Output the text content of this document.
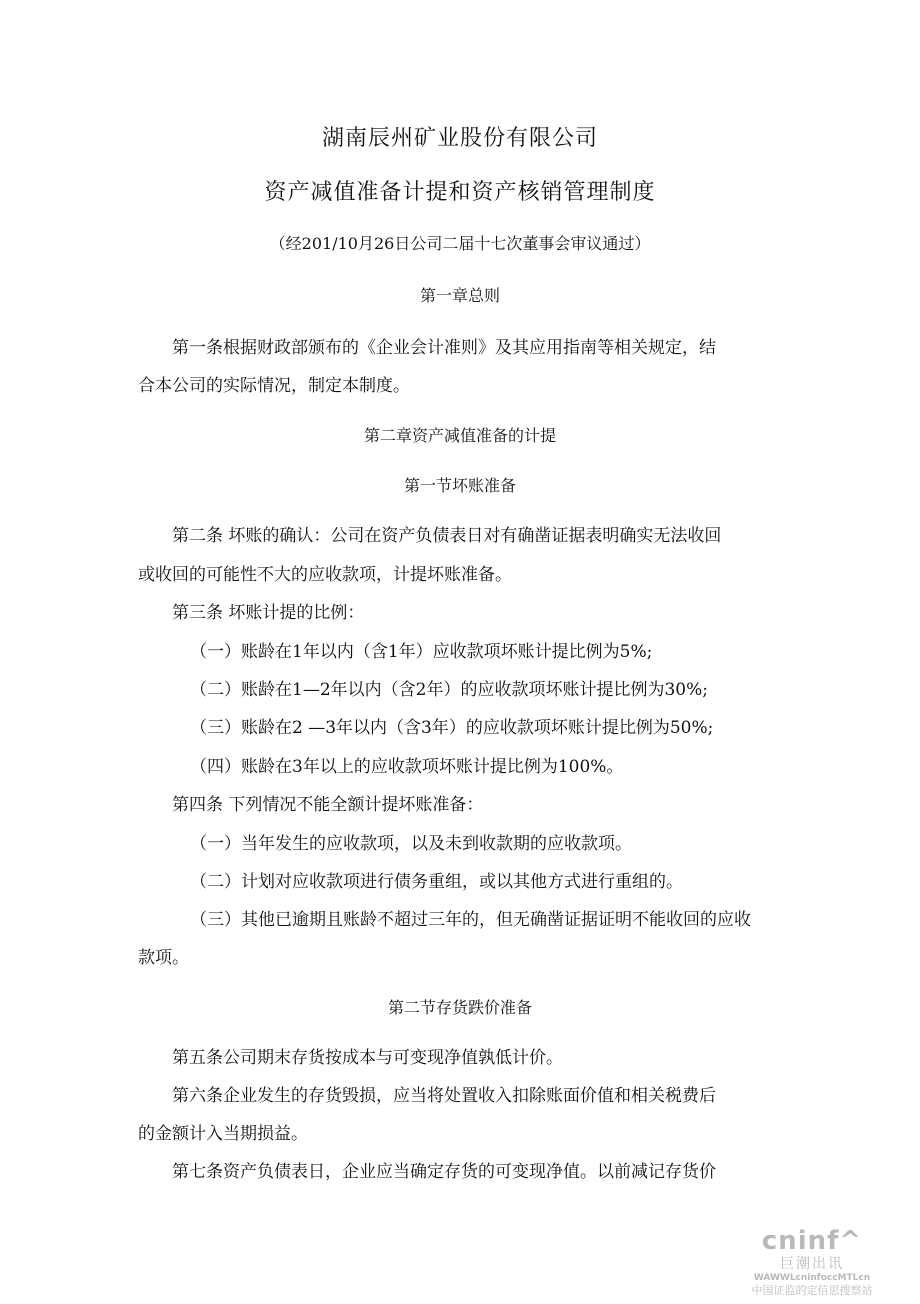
湖南辰州矿业股份有限公司
资产减值准备计提和资产核销管理制度
（经201/10月26日公司二届十七次董事会审议通过）
第一章总则
第一条根据财政部颁布的《企业会计准则》及其应用指南等相关规定，结
合本公司的实际情况，制定本制度。
第二章资产减值准备的计提
第一节坏账准备
第二条 坏账的确认：公司在资产负债表日对有确凿证据表明确实无法收回
或收回的可能性不大的应收款项，计提坏账准备。
第三条 坏账计提的比例：
（一）账龄在1年以内（含1年）应收款项坏账计提比例为5%;
（二）账龄在1—2年以内（含2年）的应收款项坏账计提比例为30%;
（三）账龄在2 —3年以内（含3年）的应收款项坏账计提比例为50%;
（四）账龄在3年以上的应收款项坏账计提比例为100%。
第四条 下列情况不能全额计提坏账准备：
（一）当年发生的应收款项，以及未到收款期的应收款项。
（二）计划对应收款项进行债务重组，或以其他方式进行重组的。
（三）其他已逾期且账龄不超过三年的，但无确凿证据证明不能收回的应收
款项。
第二节存货跌价准备
第五条公司期末存货按成本与可变现净值孰低计价。
第六条企业发生的存货毁损，应当将处置收入扣除账面价值和相关税费后
的金额计入当期损益。
第七条资产负债表日，企业应当确定存货的可变现净值。以前减记存货价
cninf^
巨潮出讯
WAWWLcninfoccMTLcn
中国证监的定信思搜察站
